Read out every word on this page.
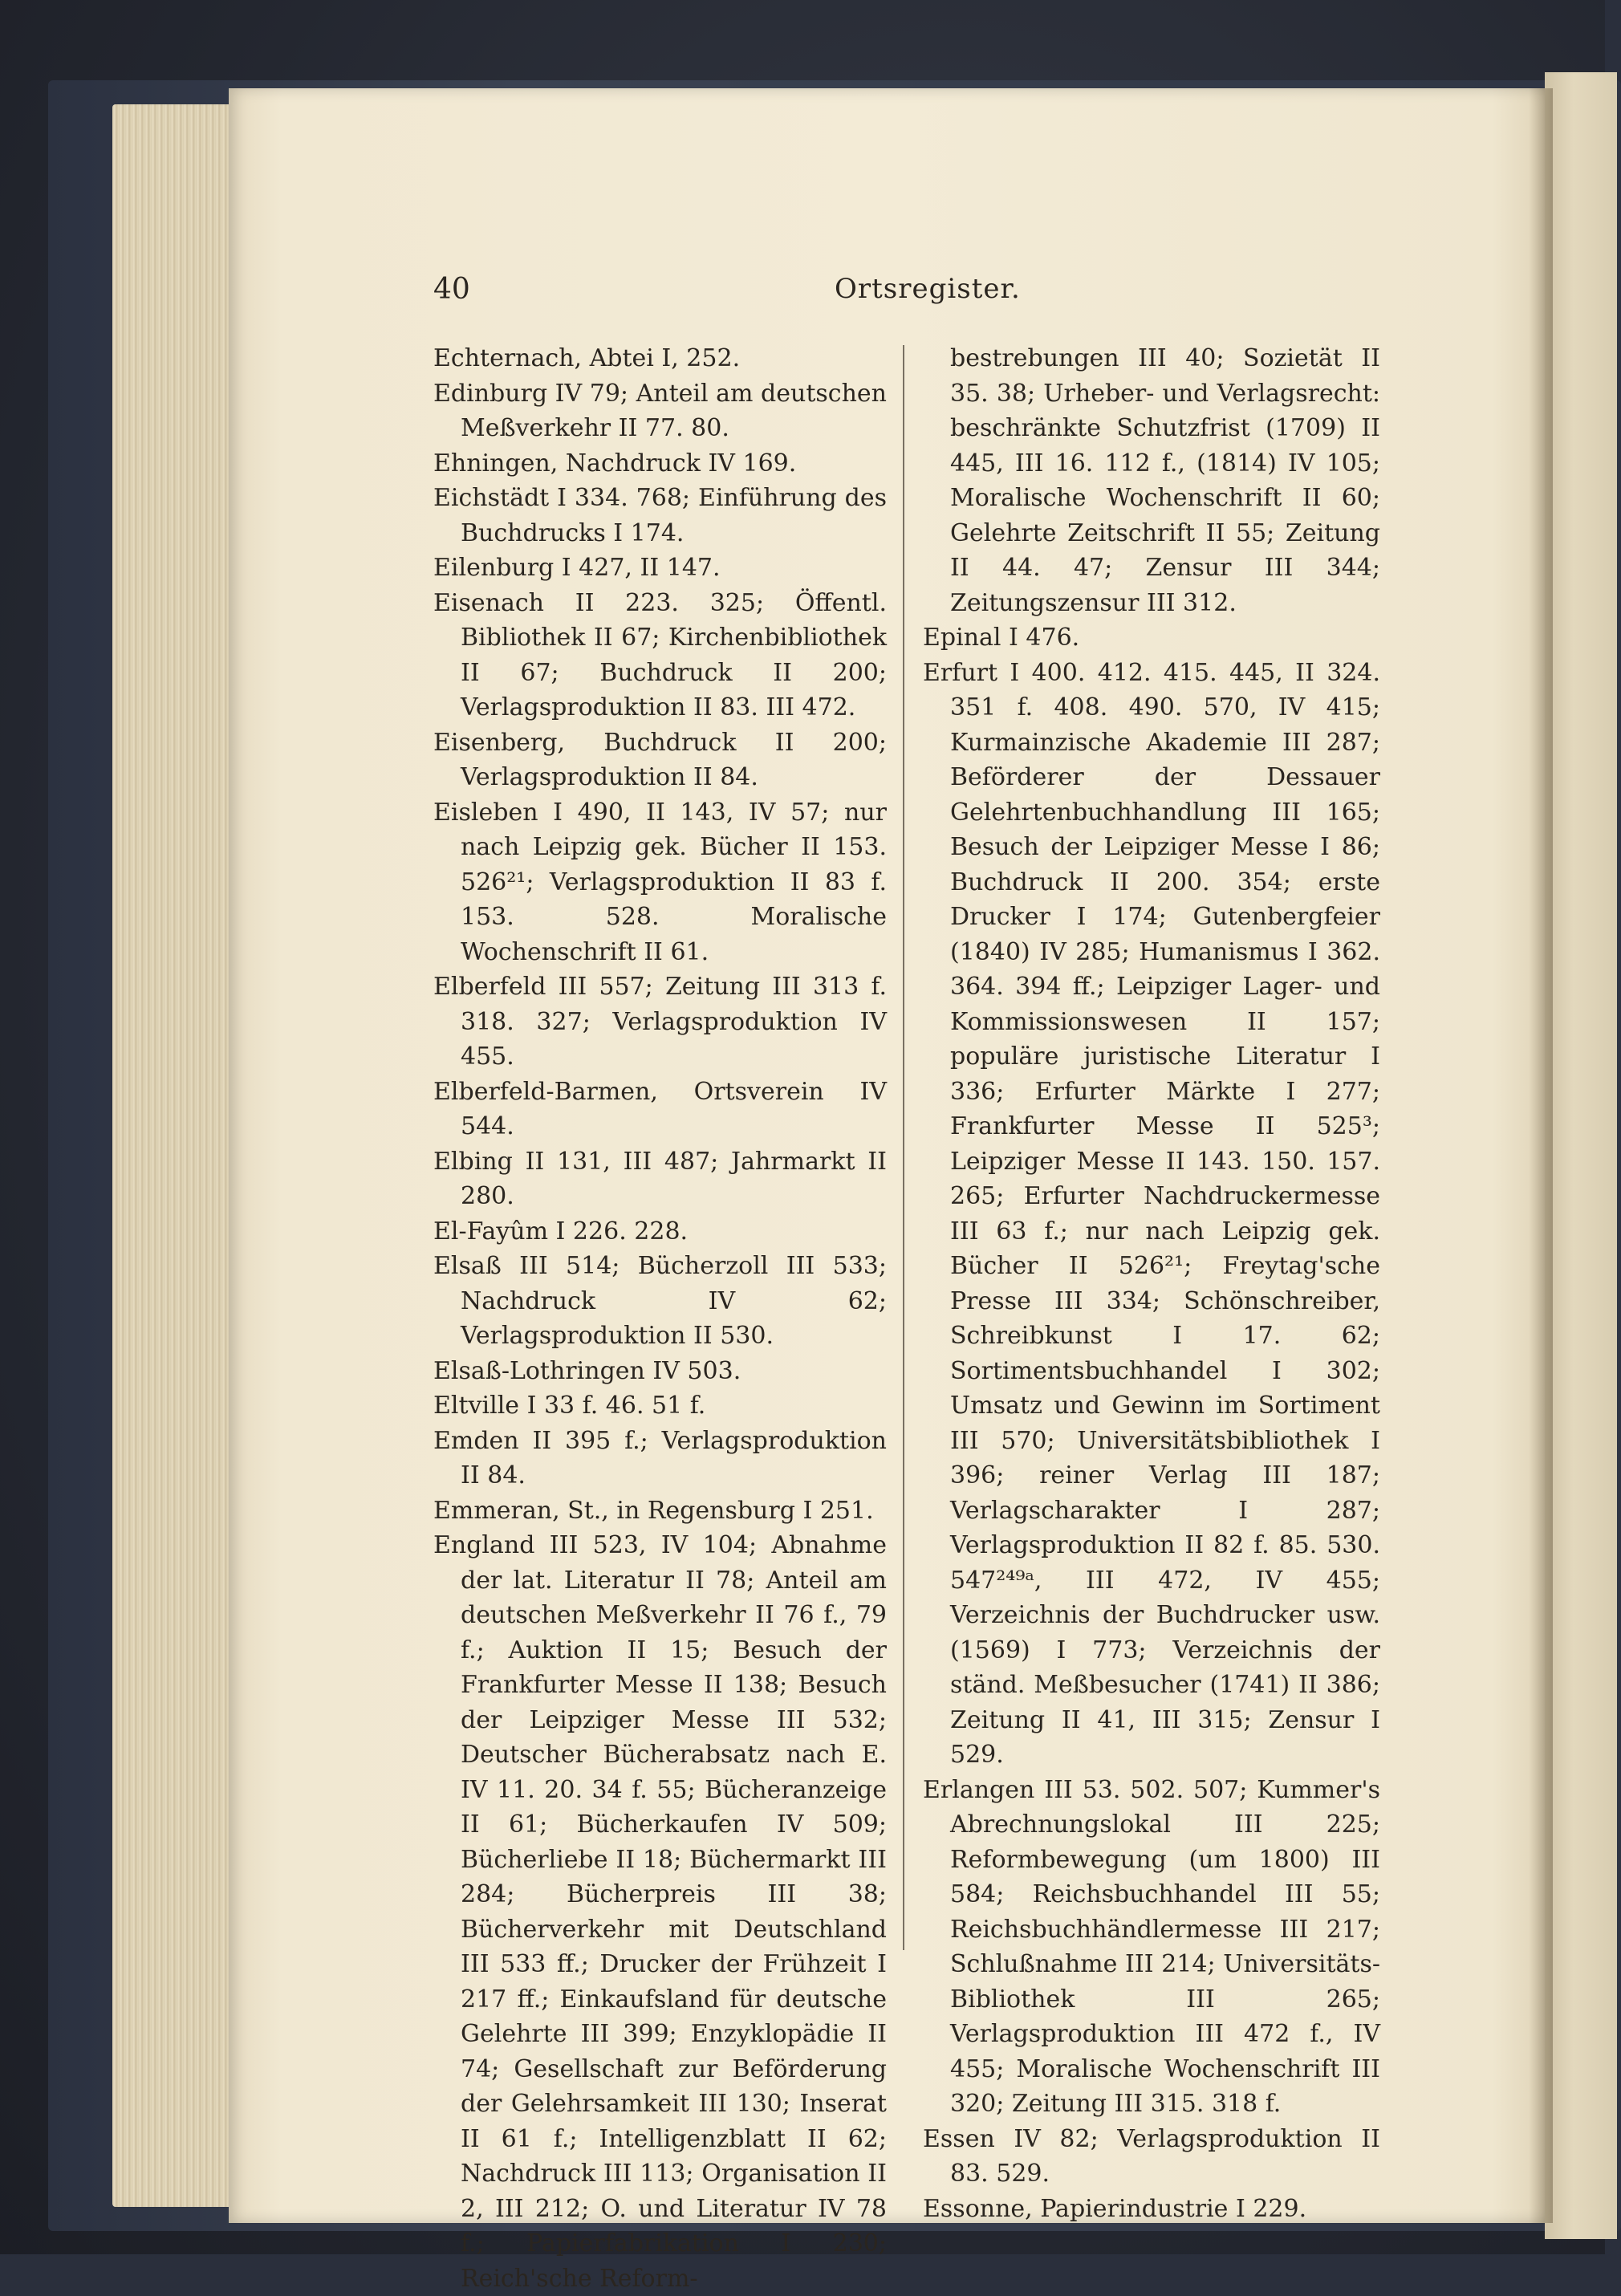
40	Ortsregister.

Echternach, Abtei I, 252.

Edinburg IV 79; Anteil am deutschen Meßverkehr II 77. 80.

Ehningen, Nachdruck IV 169.

Eichstädt I 334. 768; Einführung des Buchdrucks I 174.

Eilenburg I 427, II 147.

Eisenach II 223. 325; Öffentl. Bibliothek II 67; Kirchenbibliothek II 67; Buchdruck II 200; Verlagsproduktion II 83. III 472.

Eisenberg, Buchdruck II 200; Verlagsproduktion II 84.

Eisleben I 490, II 143, IV 57; nur nach Leipzig gek. Bücher II 153. 526²¹; Verlagsproduktion II 83 f. 153. 528. Moralische Wochenschrift II 61.

Elberfeld III 557; Zeitung III 313 f. 318. 327; Verlagsproduktion IV 455.

Elberfeld-Barmen, Ortsverein IV 544.

Elbing II 131, III 487; Jahrmarkt II 280.

El-Fayûm I 226. 228.

Elsaß III 514; Bücherzoll III 533; Nachdruck IV 62; Verlagsproduktion II 530.

Elsaß-Lothringen IV 503.

Eltville I 33 f. 46. 51 f.

Emden II 395 f.; Verlagsproduktion II 84.

Emmeran, St., in Regensburg I 251.

England III 523, IV 104; Abnahme der lat. Literatur II 78; Anteil am deutschen Meßverkehr II 76 f., 79 f.; Auktion II 15; Besuch der Frankfurter Messe II 138; Besuch der Leipziger Messe III 532; Deutscher Bücherabsatz nach E. IV 11. 20. 34 f. 55; Bücheranzeige II 61; Bücherkaufen IV 509; Bücherliebe II 18; Büchermarkt III 284; Bücherpreis III 38; Bücherverkehr mit Deutschland III 533 ff.; Drucker der Frühzeit I 217 ff.; Einkaufsland für deutsche Gelehrte III 399; Enzyklopädie II 74; Gesellschaft zur Beförderung der Gelehrsamkeit III 130; Inserat II 61 f.; Intelligenzblatt II 62; Nachdruck III 113; Organisation II 2, III 212; O. und Literatur IV 78 f.; Papierfabrikation I 230; Reich'sche Reform-

bestrebungen III 40; Sozietät II 35. 38; Urheber- und Verlagsrecht: beschränkte Schutzfrist (1709) II 445, III 16. 112 f., (1814) IV 105; Moralische Wochenschrift II 60; Gelehrte Zeitschrift II 55; Zeitung II 44. 47; Zensur III 344; Zeitungszensur III 312.

Epinal I 476.

Erfurt I 400. 412. 415. 445, II 324. 351 f. 408. 490. 570, IV 415; Kurmainzische Akademie III 287; Beförderer der Dessauer Gelehrtenbuchhandlung III 165; Besuch der Leipziger Messe I 86; Buchdruck II 200. 354; erste Drucker I 174; Gutenbergfeier (1840) IV 285; Humanismus I 362. 364. 394 ff.; Leipziger Lager- und Kommissionswesen II 157; populäre juristische Literatur I 336; Erfurter Märkte I 277; Frankfurter Messe II 525³; Leipziger Messe II 143. 150. 157. 265; Erfurter Nachdruckermesse III 63 f.; nur nach Leipzig gek. Bücher II 526²¹; Freytag'sche Presse III 334; Schönschreiber, Schreibkunst I 17. 62; Sortimentsbuchhandel I 302; Umsatz und Gewinn im Sortiment III 570; Universitätsbibliothek I 396; reiner Verlag III 187; Verlagscharakter I 287; Verlagsproduktion II 82 f. 85. 530. 547²⁴⁹ᵃ, III 472, IV 455; Verzeichnis der Buchdrucker usw. (1569) I 773; Verzeichnis der ständ. Meßbesucher (1741) II 386; Zeitung II 41, III 315; Zensur I 529.

Erlangen III 53. 502. 507; Kummer's Abrechnungslokal III 225; Reformbewegung (um 1800) III 584; Reichsbuchhandel III 55; Reichsbuchhändlermesse III 217; Schlußnahme III 214; Universitäts-Bibliothek III 265; Verlagsproduktion III 472 f., IV 455; Moralische Wochenschrift III 320; Zeitung III 315. 318 f.

Essen IV 82; Verlagsproduktion II 83. 529.

Essonne, Papierindustrie I 229.
